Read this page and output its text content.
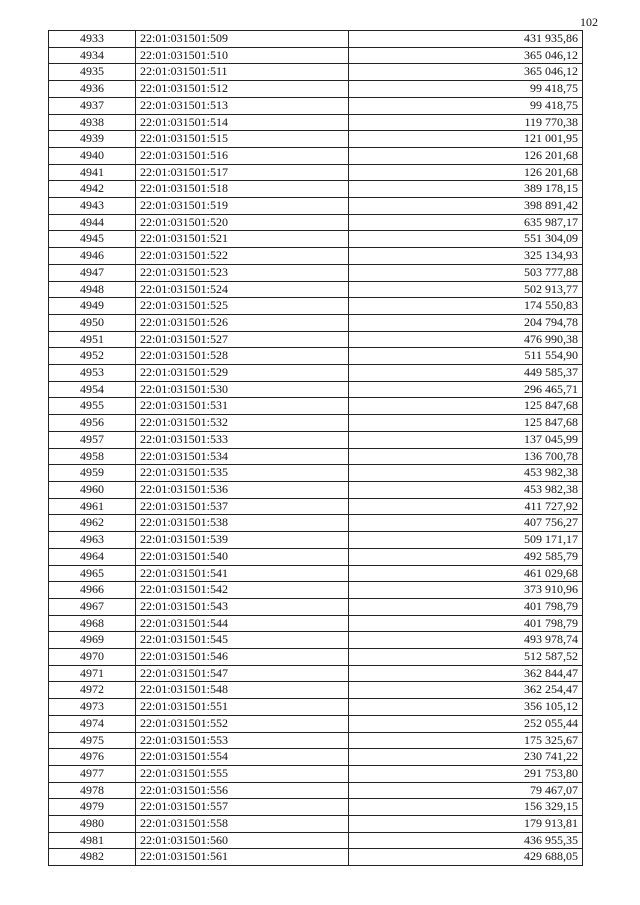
102
4933	22:01:031501:509	431 935,86
4934	22:01:031501:510	365 046,12
4935	22:01:031501:511	365 046,12
4936	22:01:031501:512	99 418,75
4937	22:01:031501:513	99 418,75
4938	22:01:031501:514	119 770,38
4939	22:01:031501:515	121 001,95
4940	22:01:031501:516	126 201,68
4941	22:01:031501:517	126 201,68
4942	22:01:031501:518	389 178,15
4943	22:01:031501:519	398 891,42
4944	22:01:031501:520	635 987,17
4945	22:01:031501:521	551 304,09
4946	22:01:031501:522	325 134,93
4947	22:01:031501:523	503 777,88
4948	22:01:031501:524	502 913,77
4949	22:01:031501:525	174 550,83
4950	22:01:031501:526	204 794,78
4951	22:01:031501:527	476 990,38
4952	22:01:031501:528	511 554,90
4953	22:01:031501:529	449 585,37
4954	22:01:031501:530	296 465,71
4955	22:01:031501:531	125 847,68
4956	22:01:031501:532	125 847,68
4957	22:01:031501:533	137 045,99
4958	22:01:031501:534	136 700,78
4959	22:01:031501:535	453 982,38
4960	22:01:031501:536	453 982,38
4961	22:01:031501:537	411 727,92
4962	22:01:031501:538	407 756,27
4963	22:01:031501:539	509 171,17
4964	22:01:031501:540	492 585,79
4965	22:01:031501:541	461 029,68
4966	22:01:031501:542	373 910,96
4967	22:01:031501:543	401 798,79
4968	22:01:031501:544	401 798,79
4969	22:01:031501:545	493 978,74
4970	22:01:031501:546	512 587,52
4971	22:01:031501:547	362 844,47
4972	22:01:031501:548	362 254,47
4973	22:01:031501:551	356 105,12
4974	22:01:031501:552	252 055,44
4975	22:01:031501:553	175 325,67
4976	22:01:031501:554	230 741,22
4977	22:01:031501:555	291 753,80
4978	22:01:031501:556	79 467,07
4979	22:01:031501:557	156 329,15
4980	22:01:031501:558	179 913,81
4981	22:01:031501:560	436 955,35
4982	22:01:031501:561	429 688,05
